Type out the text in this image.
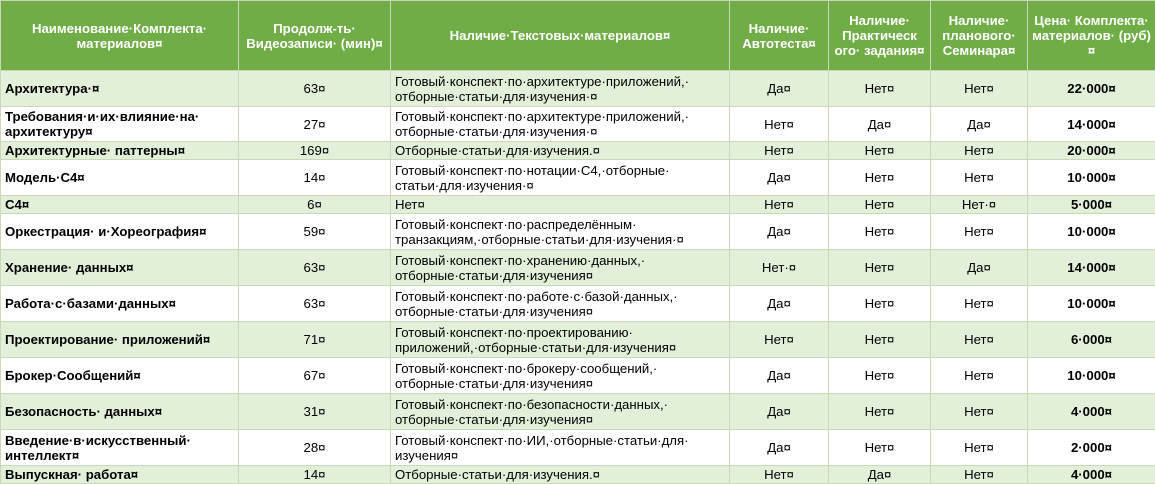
Наименование·Комплекта· материалов¤	Продолж-ть· Видеозаписи· (мин)¤	Наличие·Текстовых·материалов¤	Наличие· Автотеста¤	Наличие· Практическ ого· задания¤	Наличие· планового· Семинара¤	Цена· Комплекта· материалов· (руб)¤
Архитектура·¤	63¤	Готовый·конспект·по·архитектуре·приложений,· отборные·статьи·для·изучения·¤	Да¤	Нет¤	Нет¤	22·000¤
Требования·и·их·влияние·на· архитектуру¤	27¤	Готовый·конспект·по·архитектуре·приложений,· отборные·статьи·для·изучения·¤	Нет¤	Да¤	Да¤	14·000¤
Архитектурные· паттерны¤	169¤	Отборные·статьи·для·изучения.¤	Нет¤	Нет¤	Нет¤	20·000¤
Модель·С4¤	14¤	Готовый·конспект·по·нотации·С4,·отборные· статьи·для·изучения·¤	Да¤	Нет¤	Нет¤	10·000¤
С4¤	6¤	Нет¤	Нет¤	Нет¤	Нет·¤	5·000¤
Оркестрация· и·Хореография¤	59¤	Готовый·конспект·по·распределённым· транзакциям,·отборные·статьи·для·изучения·¤	Да¤	Нет¤	Нет¤	10·000¤
Хранение· данных¤	63¤	Готовый·конспект·по·хранению·данных,· отборные·статьи·для·изучения¤	Нет·¤	Нет¤	Да¤	14·000¤
Работа·с·базами·данных¤	63¤	Готовый·конспект·по·работе·с·базой·данных,· отборные·статьи·для·изучения¤	Да¤	Нет¤	Нет¤	10·000¤
Проектирование· приложений¤	71¤	Готовый·конспект·по·проектированию· приложений,·отборные·статьи·для·изучения¤	Нет¤	Нет¤	Нет¤	6·000¤
Брокер·Сообщений¤	67¤	Готовый·конспект·по·брокеру·сообщений,· отборные·статьи·для·изучения¤	Да¤	Нет¤	Нет¤	10·000¤
Безопасность· данных¤	31¤	Готовый·конспект·по·безопасности·данных,· отборные·статьи·для·изучения¤	Да¤	Нет¤	Нет¤	4·000¤
Введение·в·искусственный· интеллект¤	28¤	Готовый·конспект·по·ИИ,·отборные·статьи·для· изучения¤	Да¤	Нет¤	Нет¤	2·000¤
Выпускная· работа¤	14¤	Отборные·статьи·для·изучения.¤	Нет¤	Да¤	Нет¤	4·000¤
